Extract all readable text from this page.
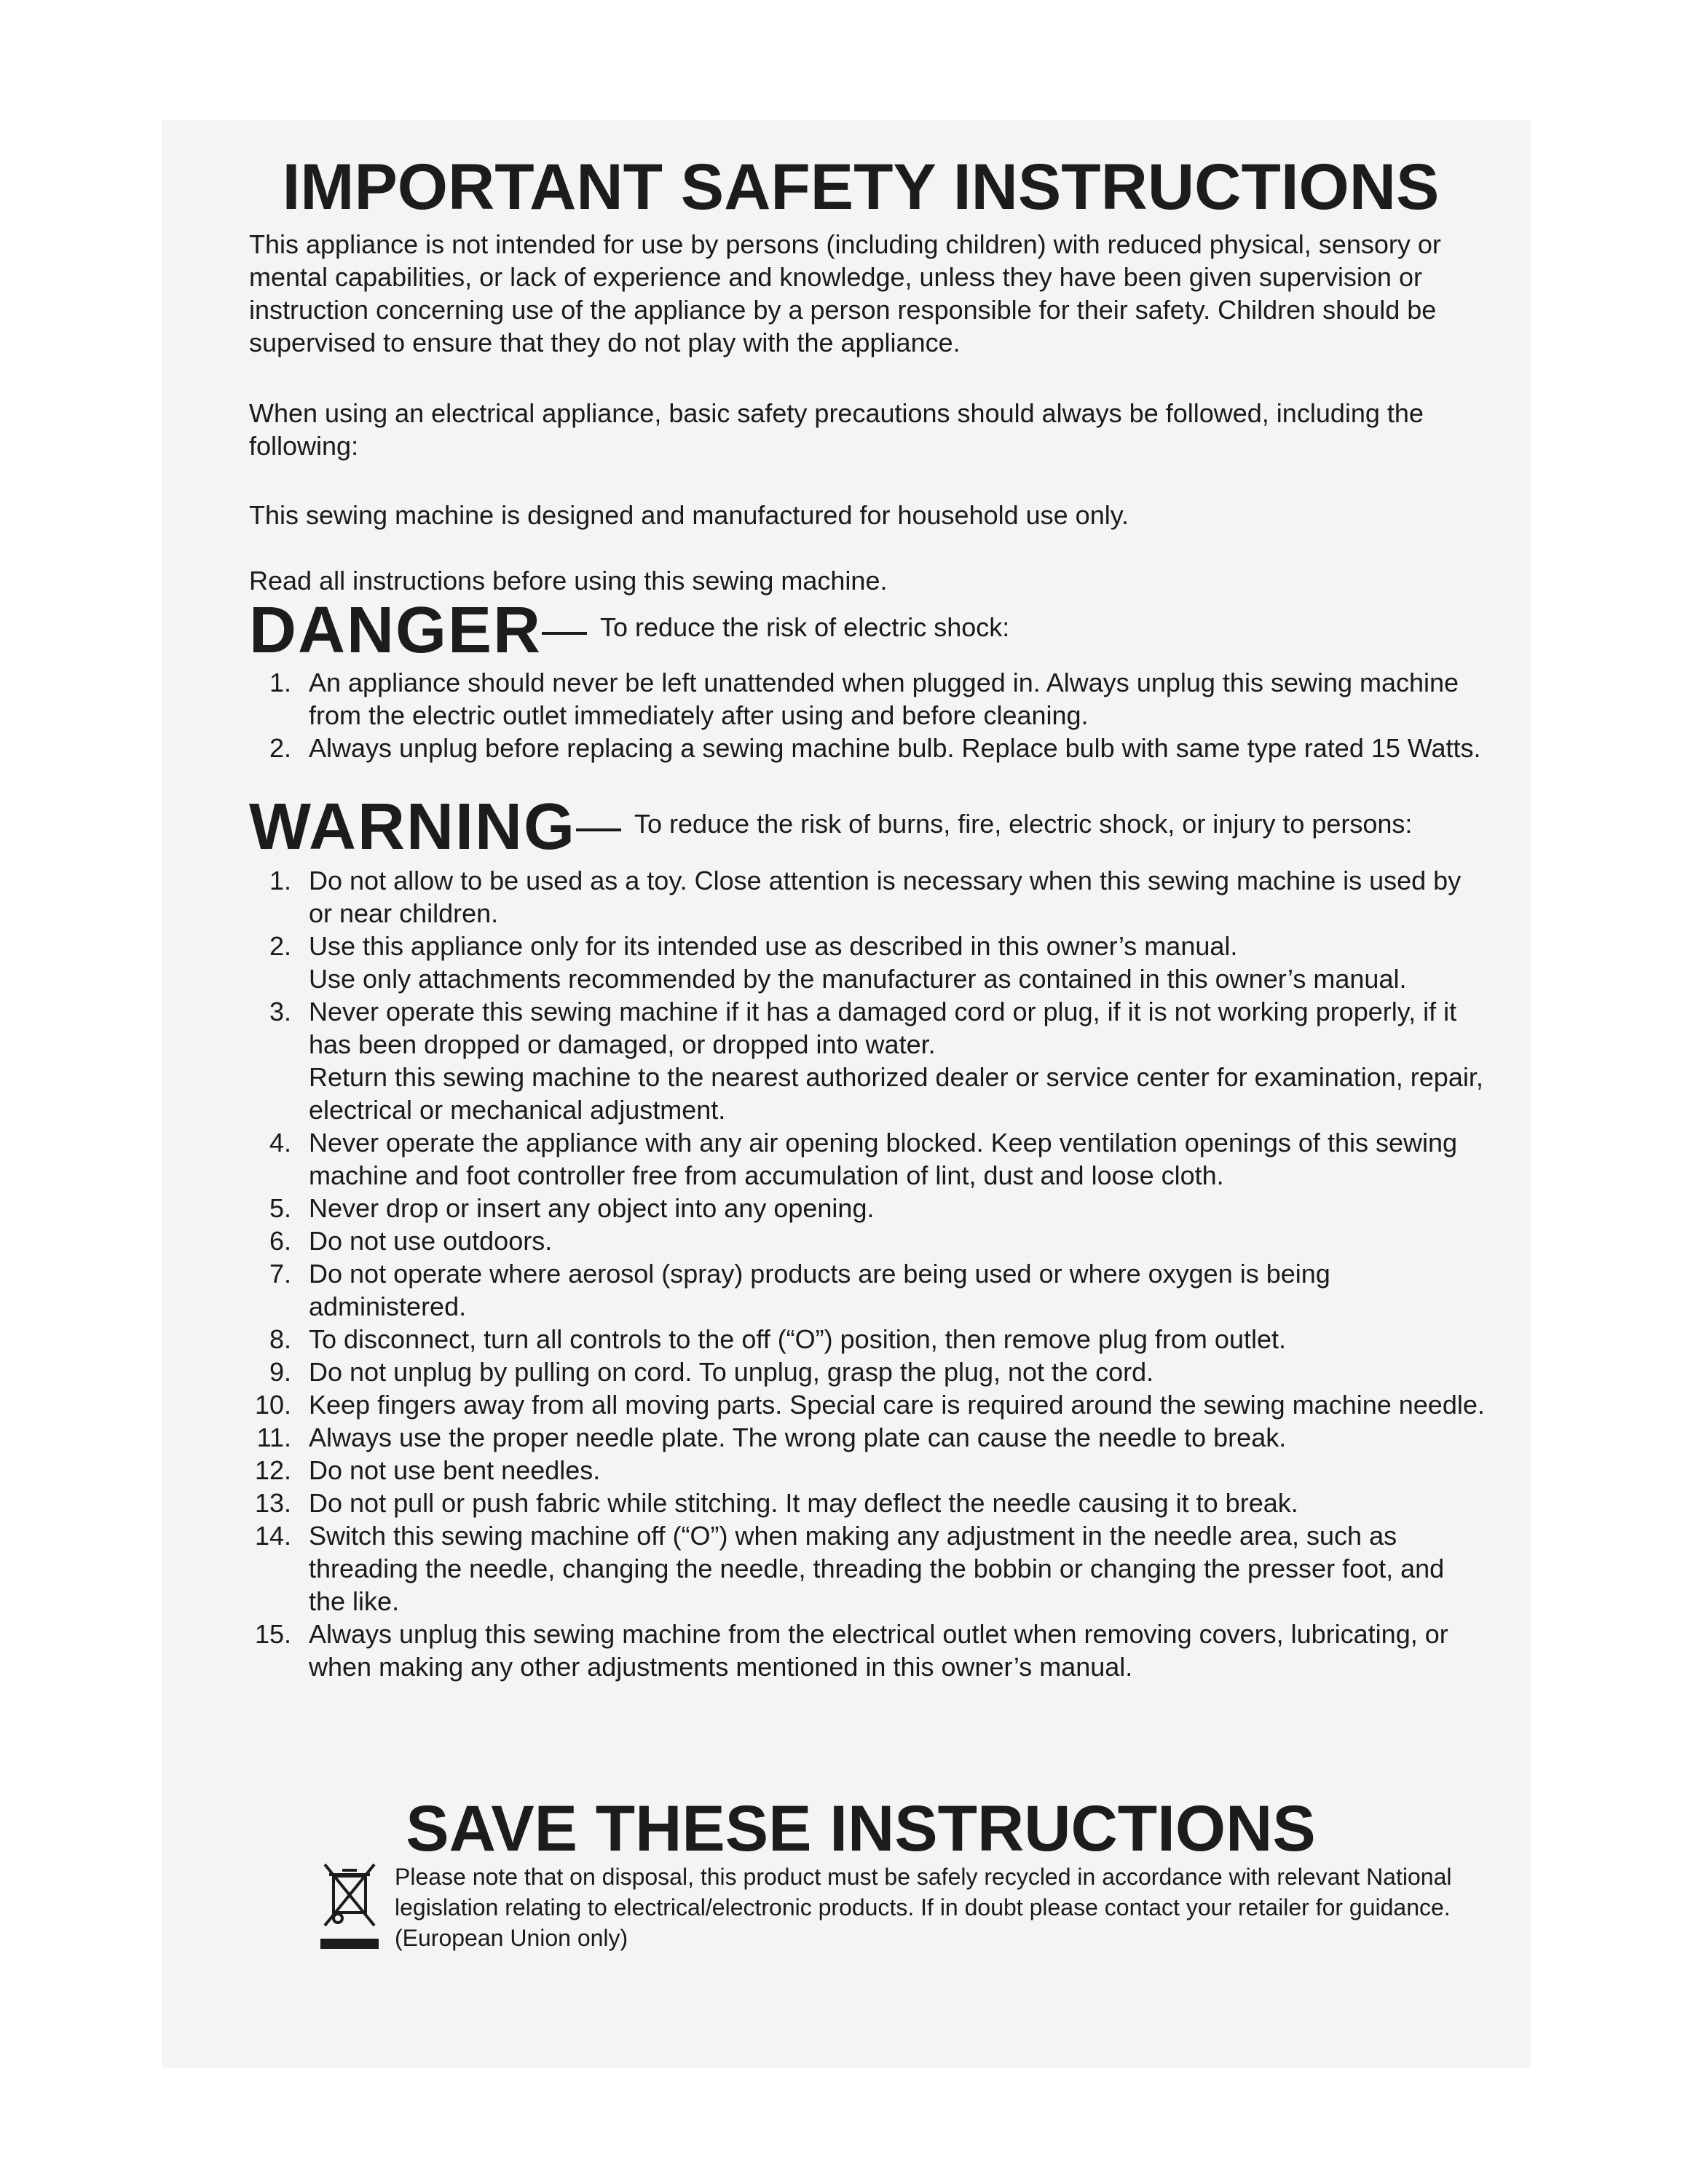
IMPORTANT SAFETY INSTRUCTIONS

This appliance is not intended for use by persons (including children) with reduced physical, sensory or mental capabilities, or lack of experience and knowledge, unless they have been given supervision or instruction concerning use of the appliance by a person responsible for their safety. Children should be supervised to ensure that they do not play with the appliance.

When using an electrical appliance, basic safety precautions should always be followed, including the following:

This sewing machine is designed and manufactured for household use only.

Read all instructions before using this sewing machine.

DANGER To reduce the risk of electric shock:
1. An appliance should never be left unattended when plugged in. Always unplug this sewing machine from the electric outlet immediately after using and before cleaning.
2. Always unplug before replacing a sewing machine bulb. Replace bulb with same type rated 15 Watts.
WARNING To reduce the risk of burns, fire, electric shock, or injury to persons:
1. Do not allow to be used as a toy. Close attention is necessary when this sewing machine is used by or near children.
2. Use this appliance only for its intended use as described in this owner’s manual.
Use only attachments recommended by the manufacturer as contained in this owner’s manual.
3. Never operate this sewing machine if it has a damaged cord or plug, if it is not working properly, if it has been dropped or damaged, or dropped into water.
Return this sewing machine to the nearest authorized dealer or service center for examination, repair, electrical or mechanical adjustment.
4. Never operate the appliance with any air opening blocked. Keep ventilation openings of this sewing machine and foot controller free from accumulation of lint, dust and loose cloth.
5. Never drop or insert any object into any opening.
6. Do not use outdoors.
7. Do not operate where aerosol (spray) products are being used or where oxygen is being administered.
8. To disconnect, turn all controls to the off (“O”) position, then remove plug from outlet.
9. Do not unplug by pulling on cord. To unplug, grasp the plug, not the cord.
10. Keep fingers away from all moving parts. Special care is required around the sewing machine needle.
11. Always use the proper needle plate. The wrong plate can cause the needle to break.
12. Do not use bent needles.
13. Do not pull or push fabric while stitching. It may deflect the needle causing it to break.
14. Switch this sewing machine off (“O”) when making any adjustment in the needle area, such as threading the needle, changing the needle, threading the bobbin or changing the presser foot, and the like.
15. Always unplug this sewing machine from the electrical outlet when removing covers, lubricating, or when making any other adjustments mentioned in this owner’s manual.
SAVE THESE INSTRUCTIONS
Please note that on disposal, this product must be safely recycled in accordance with relevant National legislation relating to electrical/electronic products. If in doubt please contact your retailer for guidance.
(European Union only)
